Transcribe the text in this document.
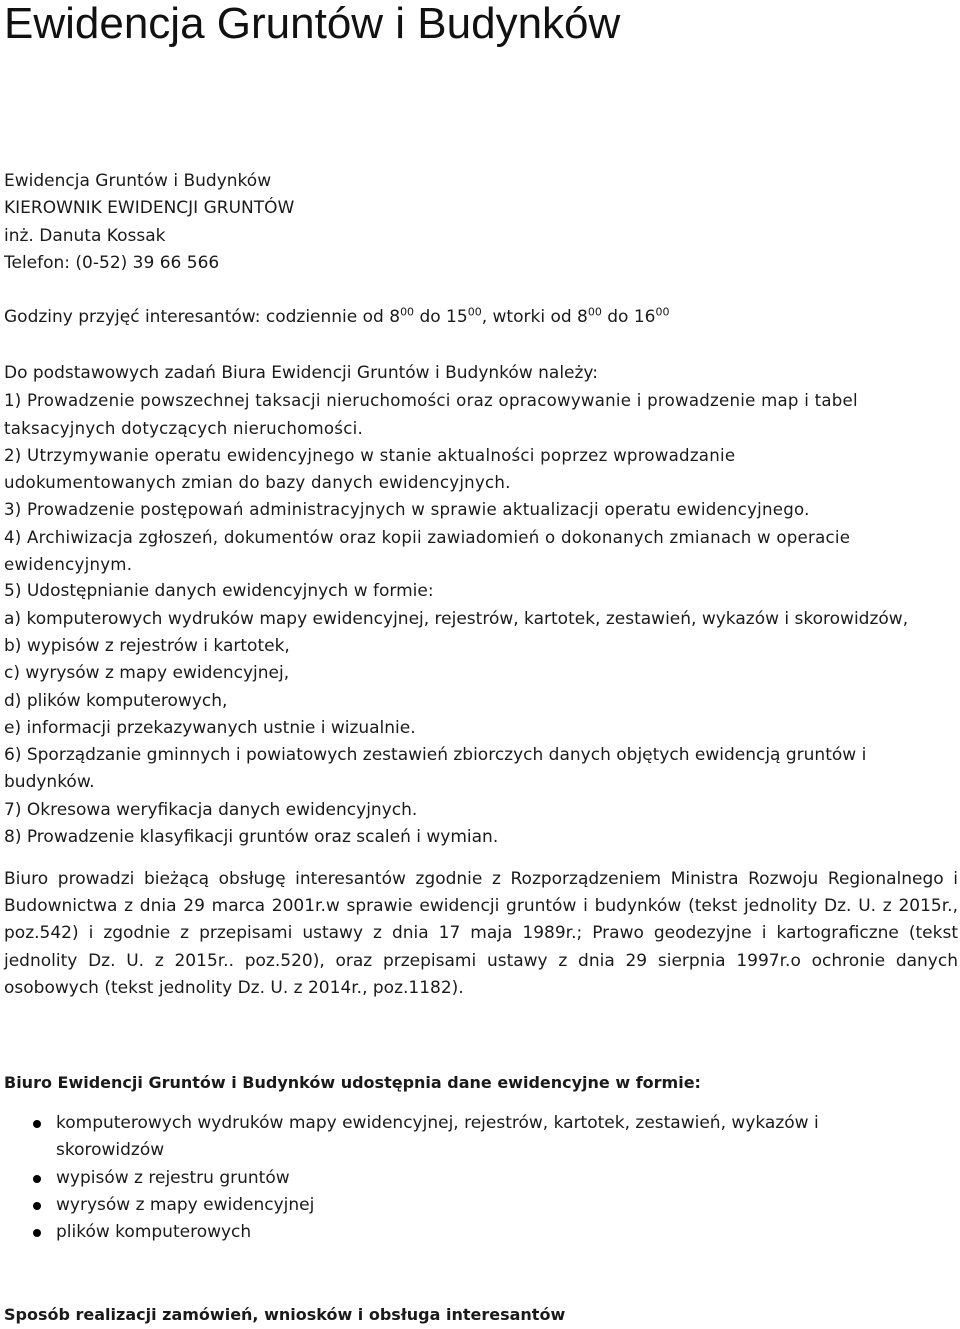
Ewidencja Gruntów i Budynków
Ewidencja Gruntów i Budynków
KIEROWNIK EWIDENCJI GRUNTÓW
inż. Danuta Kossak
Telefon: (0-52) 39 66 566
Godziny przyjęć interesantów: codziennie od $8^{00}$ do $15^{00}$, wtorki od $8^{00}$ do $16^{00}$
Do podstawowych zadań Biura Ewidencji Gruntów i Budynków należy:
1) Prowadzenie powszechnej taksacji nieruchomości oraz opracowywanie i prowadzenie map i tabel
taksacyjnych dotyczących nieruchomości.
2) Utrzymywanie operatu ewidencyjnego w stanie aktualności poprzez wprowadzanie
udokumentowanych zmian do bazy danych ewidencyjnych.
3) Prowadzenie postępowań administracyjnych w sprawie aktualizacji operatu ewidencyjnego.
4) Archiwizacja zgłoszeń, dokumentów oraz kopii zawiadomień o dokonanych zmianach w operacie
ewidencyjnym.
5) Udostępnianie danych ewidencyjnych w formie:
a) komputerowych wydruków mapy ewidencyjnej, rejestrów, kartotek, zestawień, wykazów i skorowidzów,
b) wypisów z rejestrów i kartotek,
c) wyrysów z mapy ewidencyjnej,
d) plików komputerowych,
e) informacji przekazywanych ustnie i wizualnie.
6) Sporządzanie gminnych i powiatowych zestawień zbiorczych danych objętych ewidencją gruntów i
budynków.
7) Okresowa weryfikacja danych ewidencyjnych.
8) Prowadzenie klasyfikacji gruntów oraz scaleń i wymian.
Biuro prowadzi bieżącą obsługę interesantów zgodnie z Rozporządzeniem Ministra Rozwoju Regionalnego i Budownictwa z dnia 29 marca 2001r.w sprawie ewidencji gruntów i budynków (tekst jednolity Dz. U. z 2015r., poz.542) i zgodnie z przepisami ustawy z dnia 17 maja 1989r.; Prawo geodezyjne i kartograficzne (tekst jednolity Dz. U. z 2015r.. poz.520), oraz przepisami ustawy z dnia 29 sierpnia 1997r.o ochronie danych osobowych (tekst jednolity Dz. U. z 2014r., poz.1182).
Biuro Ewidencji Gruntów i Budynków udostępnia dane ewidencyjne w formie:
komputerowych wydruków mapy ewidencyjnej, rejestrów, kartotek, zestawień, wykazów i skorowidzów
wypisów z rejestru gruntów
wyrysów z mapy ewidencyjnej
plików komputerowych
Sposób realizacji zamówień, wniosków i obsługa interesantów
